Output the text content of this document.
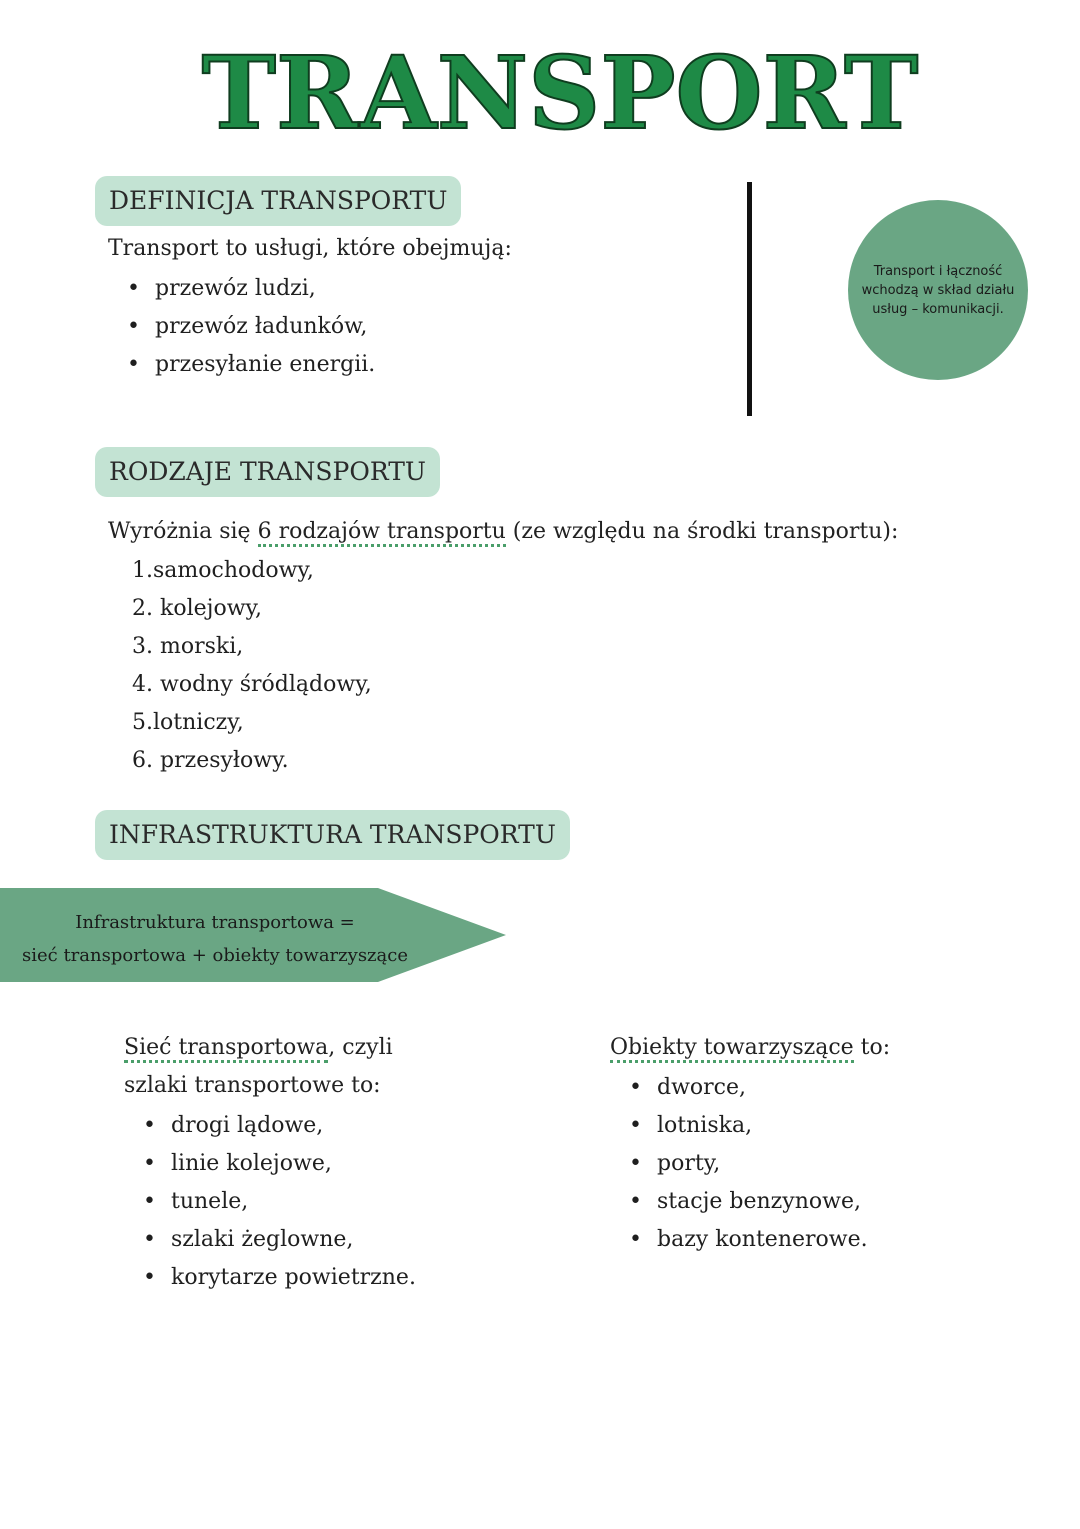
TRANSPORT
DEFINICJA TRANSPORTU
Transport to usługi, które obejmują:
• przewóz ludzi,
• przewóz ładunków,
• przesyłanie energii.
Transport i łączność wchodzą w skład działu usług – komunikacji.
RODZAJE TRANSPORTU
Wyróżnia się 6 rodzajów transportu (ze względu na środki transportu):
1.samochodowy,
2. kolejowy,
3. morski,
4. wodny śródlądowy,
5.lotniczy,
6. przesyłowy.
INFRASTRUKTURA TRANSPORTU
Infrastruktura transportowa =
sieć transportowa + obiekty towarzyszące
Sieć transportowa, czyli
szlaki transportowe to:
• drogi lądowe,
• linie kolejowe,
• tunele,
• szlaki żeglowne,
• korytarze powietrzne.
Obiekty towarzyszące to:
• dworce,
• lotniska,
• porty,
• stacje benzynowe,
• bazy kontenerowe.
